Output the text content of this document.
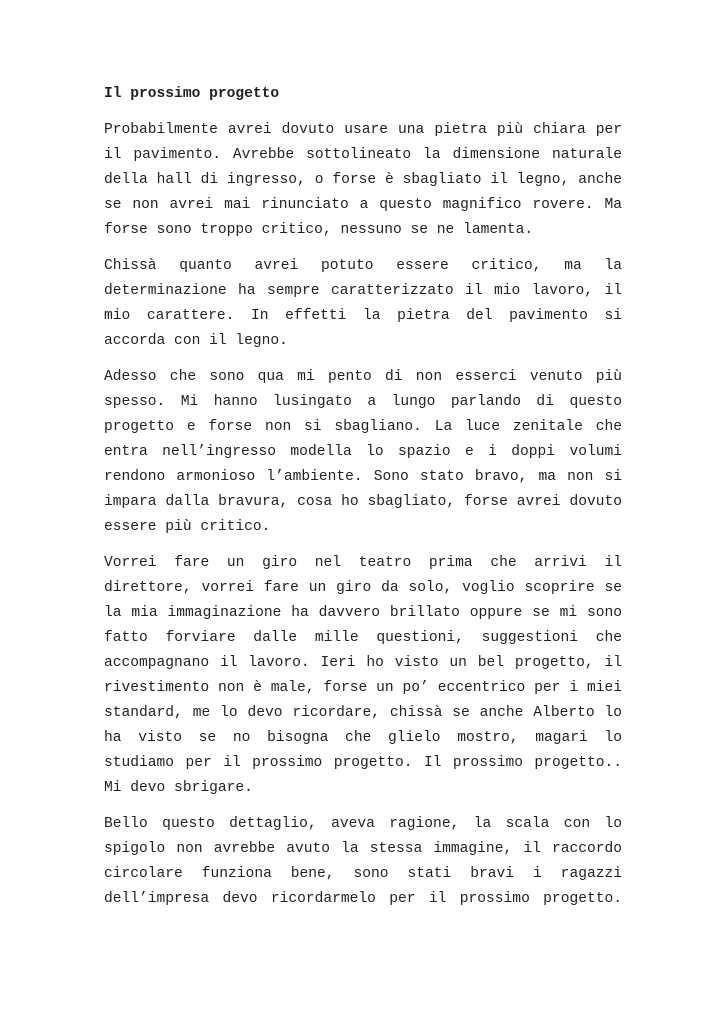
Il prossimo progetto

Probabilmente avrei dovuto usare una pietra più chiara per il pavimento. Avrebbe sottolineato la dimensione naturale della hall di ingresso, o forse è sbagliato il legno, anche se non avrei mai rinunciato a questo magnifico rovere. Ma forse sono troppo critico, nessuno se ne lamenta.

Chissà quanto avrei potuto essere critico, ma la determinazione ha sempre caratterizzato il mio lavoro, il mio carattere. In effetti la pietra del pavimento si accorda con il legno.

Adesso che sono qua mi pento di non esserci venuto più spesso. Mi hanno lusingato a lungo parlando di questo progetto e forse non si sbagliano. La luce zenitale che entra nell’ingresso modella lo spazio e i doppi volumi rendono armonioso l’ambiente. Sono stato bravo, ma non si impara dalla bravura, cosa ho sbagliato, forse avrei dovuto essere più critico.

Vorrei fare un giro nel teatro prima che arrivi il direttore, vorrei fare un giro da solo, voglio scoprire se la mia immaginazione ha davvero brillato oppure se mi sono fatto forviare dalle mille questioni, suggestioni che accompagnano il lavoro. Ieri ho visto un bel progetto, il rivestimento non è male, forse un po’ eccentrico per i miei standard, me lo devo ricordare, chissà se anche Alberto lo ha visto se no bisogna che glielo mostro, magari lo studiamo per il prossimo progetto. Il prossimo progetto.. Mi devo sbrigare.

Bello questo dettaglio, aveva ragione, la scala con lo spigolo non avrebbe avuto la stessa immagine, il raccordo circolare funziona bene, sono stati bravi i ragazzi dell’impresa devo ricordarmelo per il prossimo progetto.
